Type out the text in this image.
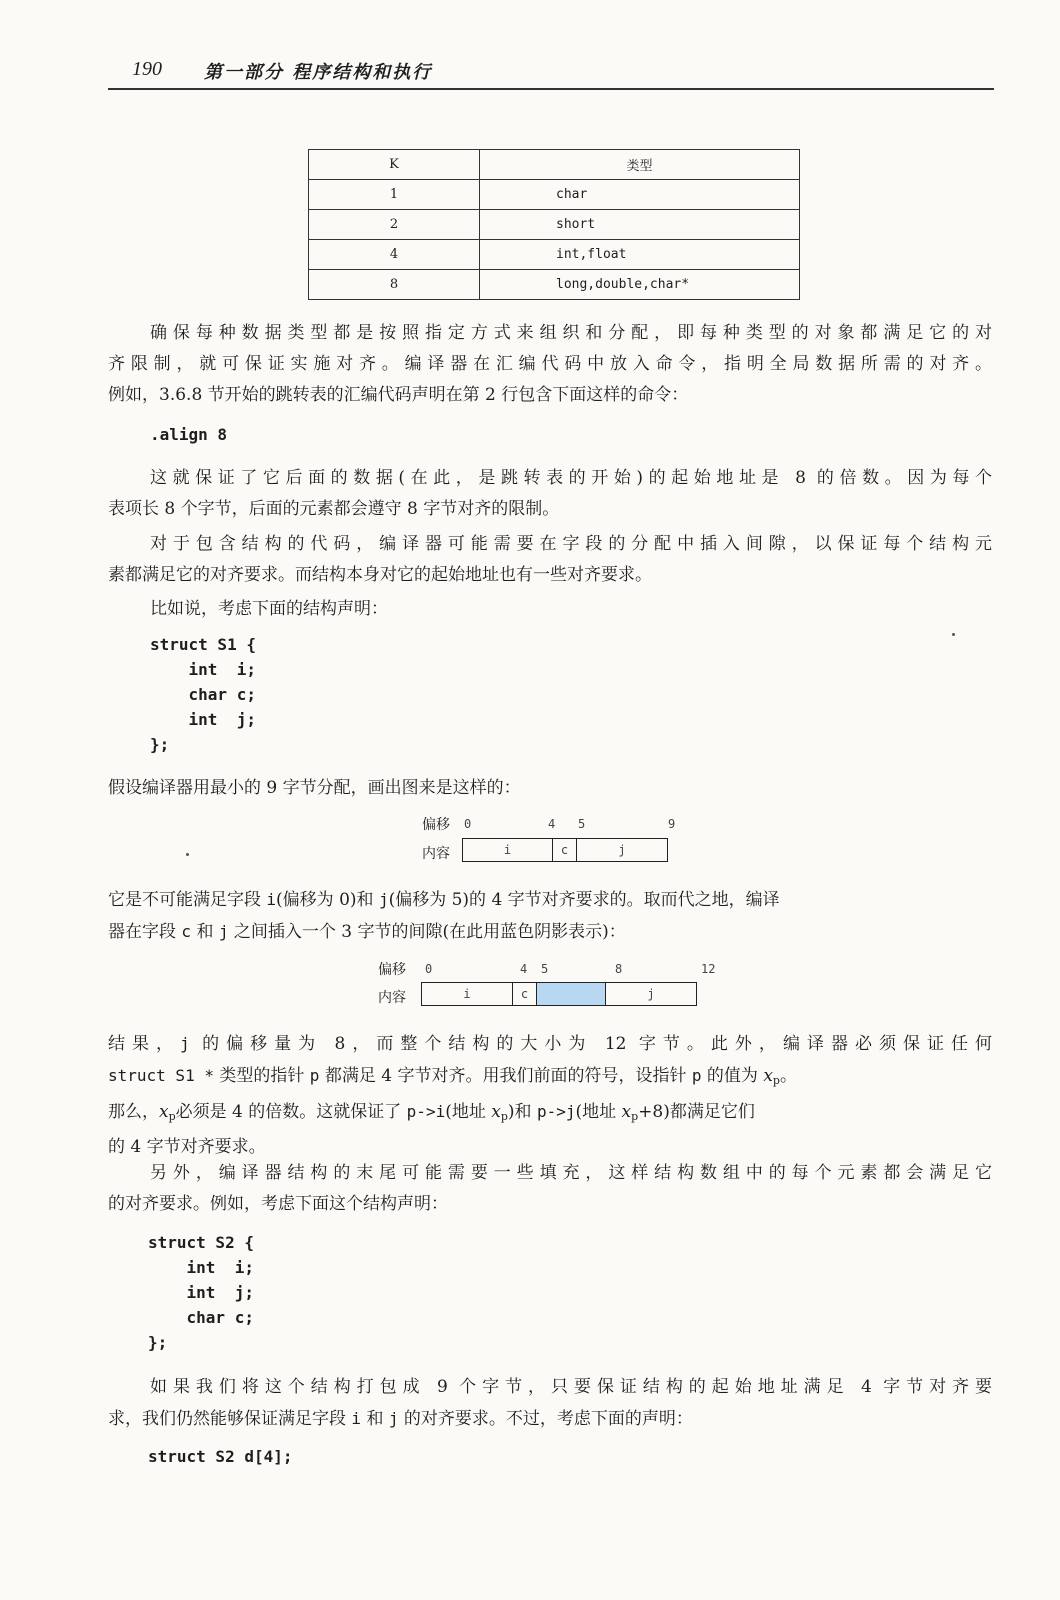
190 第一部分 程序结构和执行
K	类型
1	char
2	short
4	int,float
8	long,double,char*
确保每种数据类型都是按照指定方式来组织和分配，即每种类型的对象都满足它的对
齐限制，就可保证实施对齐。编译器在汇编代码中放入命令，指明全局数据所需的对齐。
例如，3.6.8 节开始的跳转表的汇编代码声明在第 2 行包含下面这样的命令：
.align 8
这就保证了它后面的数据(在此，是跳转表的开始)的起始地址是 8 的倍数。因为每个
表项长 8 个字节，后面的元素都会遵守 8 字节对齐的限制。
对于包含结构的代码，编译器可能需要在字段的分配中插入间隙，以保证每个结构元
素都满足它的对齐要求。而结构本身对它的起始地址也有一些对齐要求。
比如说，考虑下面的结构声明：
struct S1 {
int  i;
char c;
int  j;
};
假设编译器用最小的 9 字节分配，画出图来是这样的：
偏移
内容
0	4 5	9
i	c	j
它是不可能满足字段 i(偏移为 0)和 j(偏移为 5)的 4 字节对齐要求的。取而代之地，编译
器在字段 c 和 j 之间插入一个 3 字节的间隙(在此用蓝色阴影表示)：
偏移
内容
0	4 5	8	12
i	c	j
结果，j 的偏移量为 8，而整个结构的大小为 12 字节。此外，编译器必须保证任何
struct S1 * 类型的指针 p 都满足 4 字节对齐。用我们前面的符号，设指针 p 的值为 $x_p$。
那么，$x_p$必须是 4 的倍数。这就保证了 p->i(地址 $x_p$)和 p->j(地址 $x_p+8$)都满足它们
的 4 字节对齐要求。
另外，编译器结构的末尾可能需要一些填充，这样结构数组中的每个元素都会满足它
的对齐要求。例如，考虑下面这个结构声明：
struct S2 {
int  i;
int  j;
char c;
};
如果我们将这个结构打包成 9 个字节，只要保证结构的起始地址满足 4 字节对齐要
求，我们仍然能够保证满足字段 i 和 j 的对齐要求。不过，考虑下面的声明：
struct S2 d[4];
